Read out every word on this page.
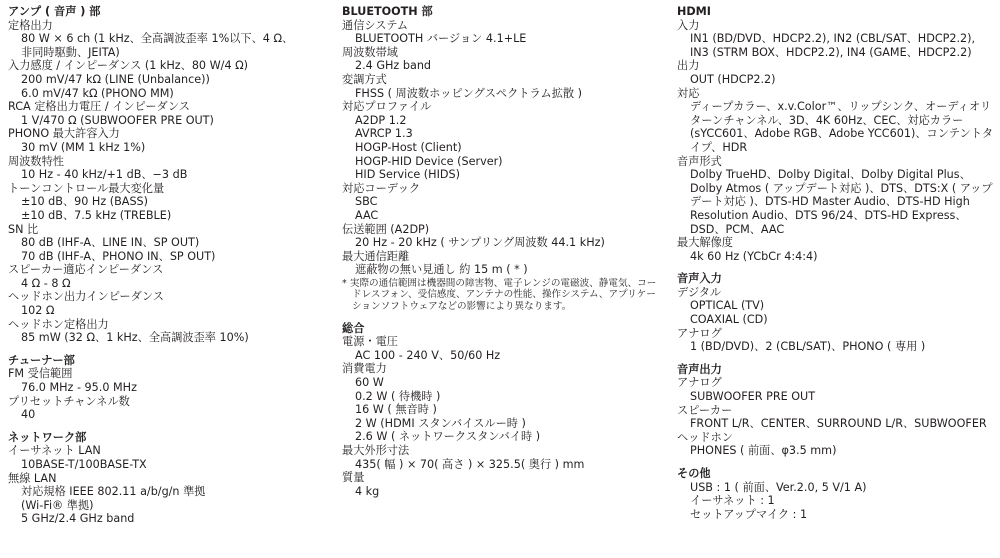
アンプ ( 音声 ) 部
定格出力
80 W × 6 ch (1 kHz、全高調波歪率 1%以下、4 Ω、
非同時駆動、JEITA)
入力感度 / インピーダンス (1 kHz、80 W/4 Ω)
200 mV/47 kΩ (LINE (Unbalance))
6.0 mV/47 kΩ (PHONO MM)
RCA 定格出力電圧 / インピーダンス
1 V/470 Ω (SUBWOOFER PRE OUT)
PHONO 最大許容入力
30 mV (MM 1 kHz 1%)
周波数特性
10 Hz - 40 kHz/+1 dB、−3 dB
トーンコントロール最大変化量
±10 dB、90 Hz (BASS)
±10 dB、7.5 kHz (TREBLE)
SN 比
80 dB (IHF-A、LINE IN、SP OUT)
70 dB (IHF-A、PHONO IN、SP OUT)
スピーカー適応インピーダンス
4 Ω - 8 Ω
ヘッドホン出力インピーダンス
102 Ω
ヘッドホン定格出力
85 mW (32 Ω、1 kHz、全高調波歪率 10%)
チューナー部
FM 受信範囲
76.0 MHz - 95.0 MHz
プリセットチャンネル数
40
ネットワーク部
イーサネット LAN
10BASE-T/100BASE-TX
無線 LAN
対応規格 IEEE 802.11 a/b/g/n 準拠
(Wi-Fi® 準拠)
5 GHz/2.4 GHz band
BLUETOOTH 部
通信システム
BLUETOOTH バージョン 4.1+LE
周波数帯域
2.4 GHz band
変調方式
FHSS ( 周波数ホッピングスペクトラム拡散 )
対応プロファイル
A2DP 1.2
AVRCP 1.3
HOGP-Host (Client)
HOGP-HID Device (Server)
HID Service (HIDS)
対応コーデック
SBC
AAC
伝送範囲 (A2DP)
20 Hz - 20 kHz ( サンプリング周波数 44.1 kHz)
最大通信距離
遮蔽物の無い見通し 約 15 m ( * )
* 実際の通信範囲は機器間の障害物、電子レンジの電磁波、静電気、コードレスフォン、受信感度、アンテナの性能、操作システム、アプリケーションソフトウェアなどの影響により異なります。
総合
電源・電圧
AC 100 - 240 V、50/60 Hz
消費電力
60 W
0.2 W ( 待機時 )
16 W ( 無音時 )
2 W (HDMI スタンバイスルー時 )
2.6 W ( ネットワークスタンバイ時 )
最大外形寸法
435( 幅 ) × 70( 高さ ) × 325.5( 奥行 ) mm
質量
4 kg
HDMI
入力
IN1 (BD/DVD、HDCP2.2), IN2 (CBL/SAT、HDCP2.2), IN3 (STRM BOX、HDCP2.2), IN4 (GAME、HDCP2.2)
出力
OUT (HDCP2.2)
対応
ディープカラー、x.v.Color™、リップシンク、オーディオリターンチャンネル、3D、4K 60Hz、CEC、対応カラー (sYCC601、Adobe RGB、Adobe YCC601)、コンテントタイプ、HDR
音声形式
Dolby TrueHD、Dolby Digital、Dolby Digital Plus、Dolby Atmos ( アップデート対応 )、DTS、DTS:X ( アップデート対応 )、DTS-HD Master Audio、DTS-HD High Resolution Audio、DTS 96/24、DTS-HD Express、DSD、PCM、AAC
最大解像度
4k 60 Hz (YCbCr 4:4:4)
音声入力
デジタル
OPTICAL (TV)
COAXIAL (CD)
アナログ
1 (BD/DVD)、2 (CBL/SAT)、PHONO ( 専用 )
音声出力
アナログ
SUBWOOFER PRE OUT
スピーカー
FRONT L/R、CENTER、SURROUND L/R、SUBWOOFER
ヘッドホン
PHONES ( 前面、φ3.5 mm)
その他
USB : 1 ( 前面、Ver.2.0, 5 V/1 A)
イーサネット : 1
セットアップマイク : 1
